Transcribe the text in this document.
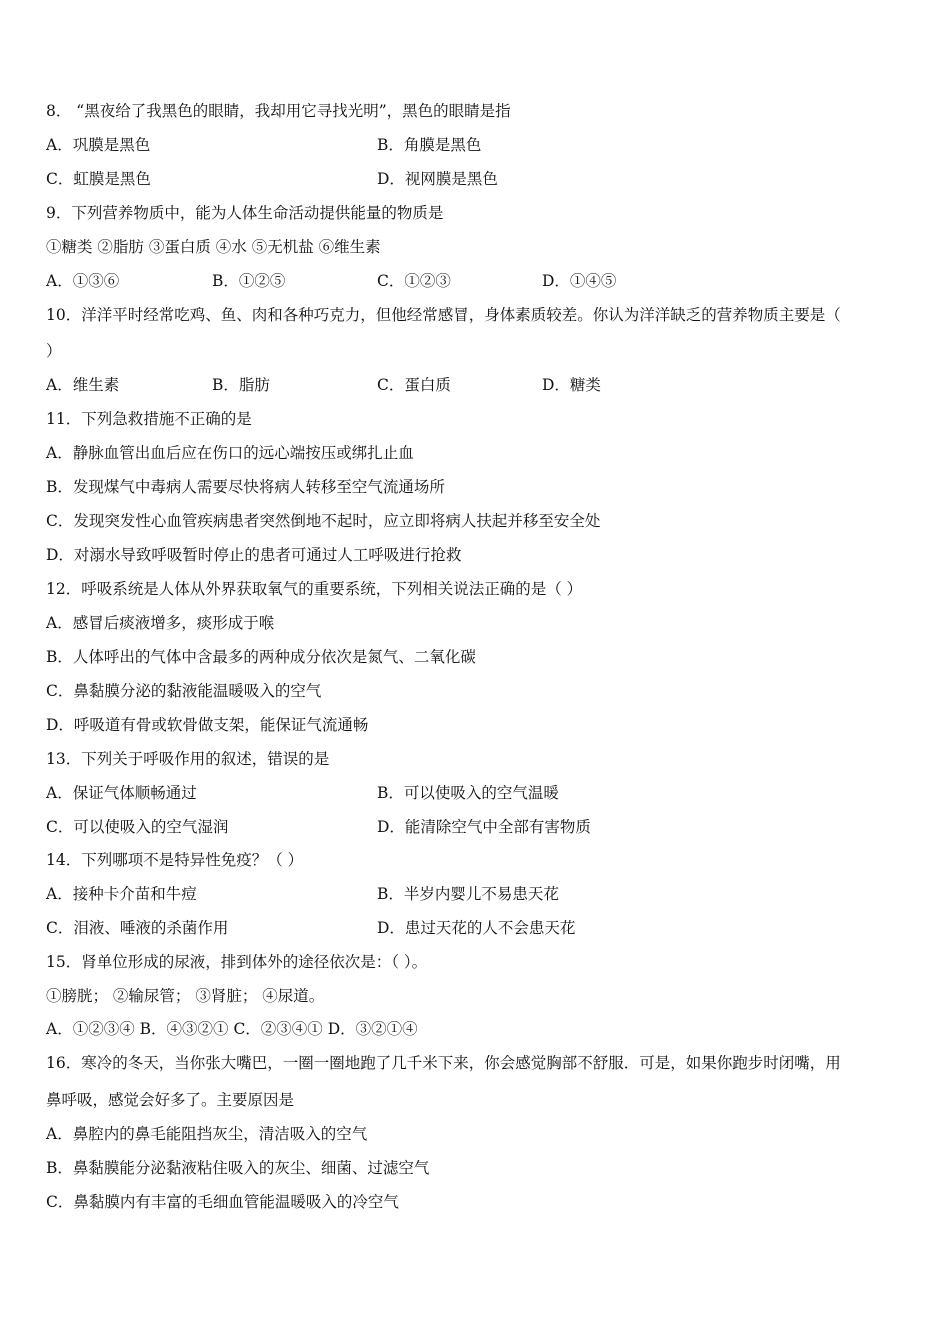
8． “黑夜给了我黑色的眼睛，我却用它寻找光明”，黑色的眼睛是指
A．巩膜是黑色	B．角膜是黑色
C．虹膜是黑色	D．视网膜是黑色
9．下列营养物质中，能为人体生命活动提供能量的物质是
①糖类 ②脂肪 ③蛋白质 ④水 ⑤无机盐 ⑥维生素
A．①③⑥	B．①②⑤	C．①②③	D．①④⑤
10．洋洋平时经常吃鸡、鱼、肉和各种巧克力，但他经常感冒，身体素质较差。你认为洋洋缺乏的营养物质主要是（
）
A．维生素	B．脂肪	C．蛋白质	D．糖类
11．下列急救措施不正确的是
A．静脉血管出血后应在伤口的远心端按压或绑扎止血
B．发现煤气中毒病人需要尽快将病人转移至空气流通场所
C．发现突发性心血管疾病患者突然倒地不起时，应立即将病人扶起并移至安全处
D．对溺水导致呼吸暂时停止的患者可通过人工呼吸进行抢救
12．呼吸系统是人体从外界获取氧气的重要系统，下列相关说法正确的是（ ）
A．感冒后痰液增多，痰形成于喉
B．人体呼出的气体中含最多的两种成分依次是氮气、二氧化碳
C．鼻黏膜分泌的黏液能温暖吸入的空气
D．呼吸道有骨或软骨做支架，能保证气流通畅
13．下列关于呼吸作用的叙述，错误的是
A．保证气体顺畅通过	B．可以使吸入的空气温暖
C．可以使吸入的空气湿润	D．能清除空气中全部有害物质
14．下列哪项不是特异性免疫？（ ）
A．接种卡介苗和牛痘	B．半岁内婴儿不易患天花
C．泪液、唾液的杀菌作用	D．患过天花的人不会患天花
15．肾单位形成的尿液，排到体外的途径依次是：（ ）。
①膀胱； ②输尿管； ③肾脏； ④尿道。
A．①②③④ B．④③②① C．②③④① D．③②①④
16．寒冷的冬天，当你张大嘴巴，一圈一圈地跑了几千米下来，你会感觉胸部不舒服．可是，如果你跑步时闭嘴，用
鼻呼吸，感觉会好多了。主要原因是
A．鼻腔内的鼻毛能阻挡灰尘，清洁吸入的空气
B．鼻黏膜能分泌黏液粘住吸入的灰尘、细菌、过滤空气
C．鼻黏膜内有丰富的毛细血管能温暖吸入的冷空气
